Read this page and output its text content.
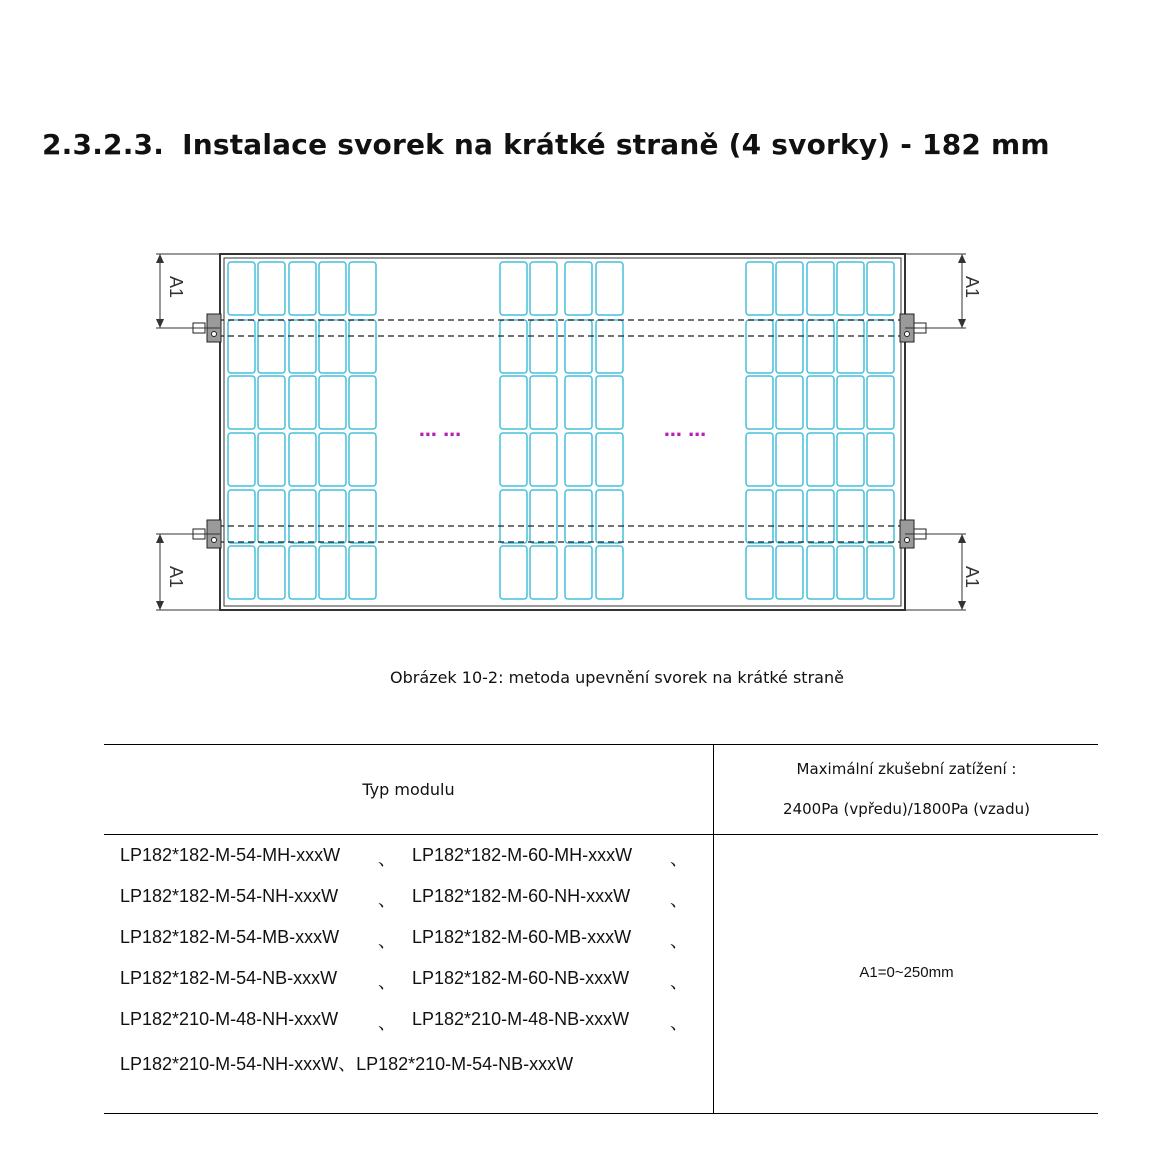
2.3.2.3. Instalace svorek na krátké straně (4 svorky) - 182 mm
A1
A1
A1
A1
… …	… …
Obrázek 10-2: metoda upevnění svorek na krátké straně
Typ modulu
Maximální zkušební zatížení :
2400Pa (vpředu)/1800Pa (vzadu)
LP182*182-M-54-MH-xxxW 、 LP182*182-M-60-MH-xxxW 、
LP182*182-M-54-NH-xxxW 、 LP182*182-M-60-NH-xxxW 、
LP182*182-M-54-MB-xxxW 、 LP182*182-M-60-MB-xxxW 、
LP182*182-M-54-NB-xxxW 、 LP182*182-M-60-NB-xxxW 、
LP182*210-M-48-NH-xxxW 、 LP182*210-M-48-NB-xxxW 、
LP182*210-M-54-NH-xxxW、LP182*210-M-54-NB-xxxW
A1=0~250mm
